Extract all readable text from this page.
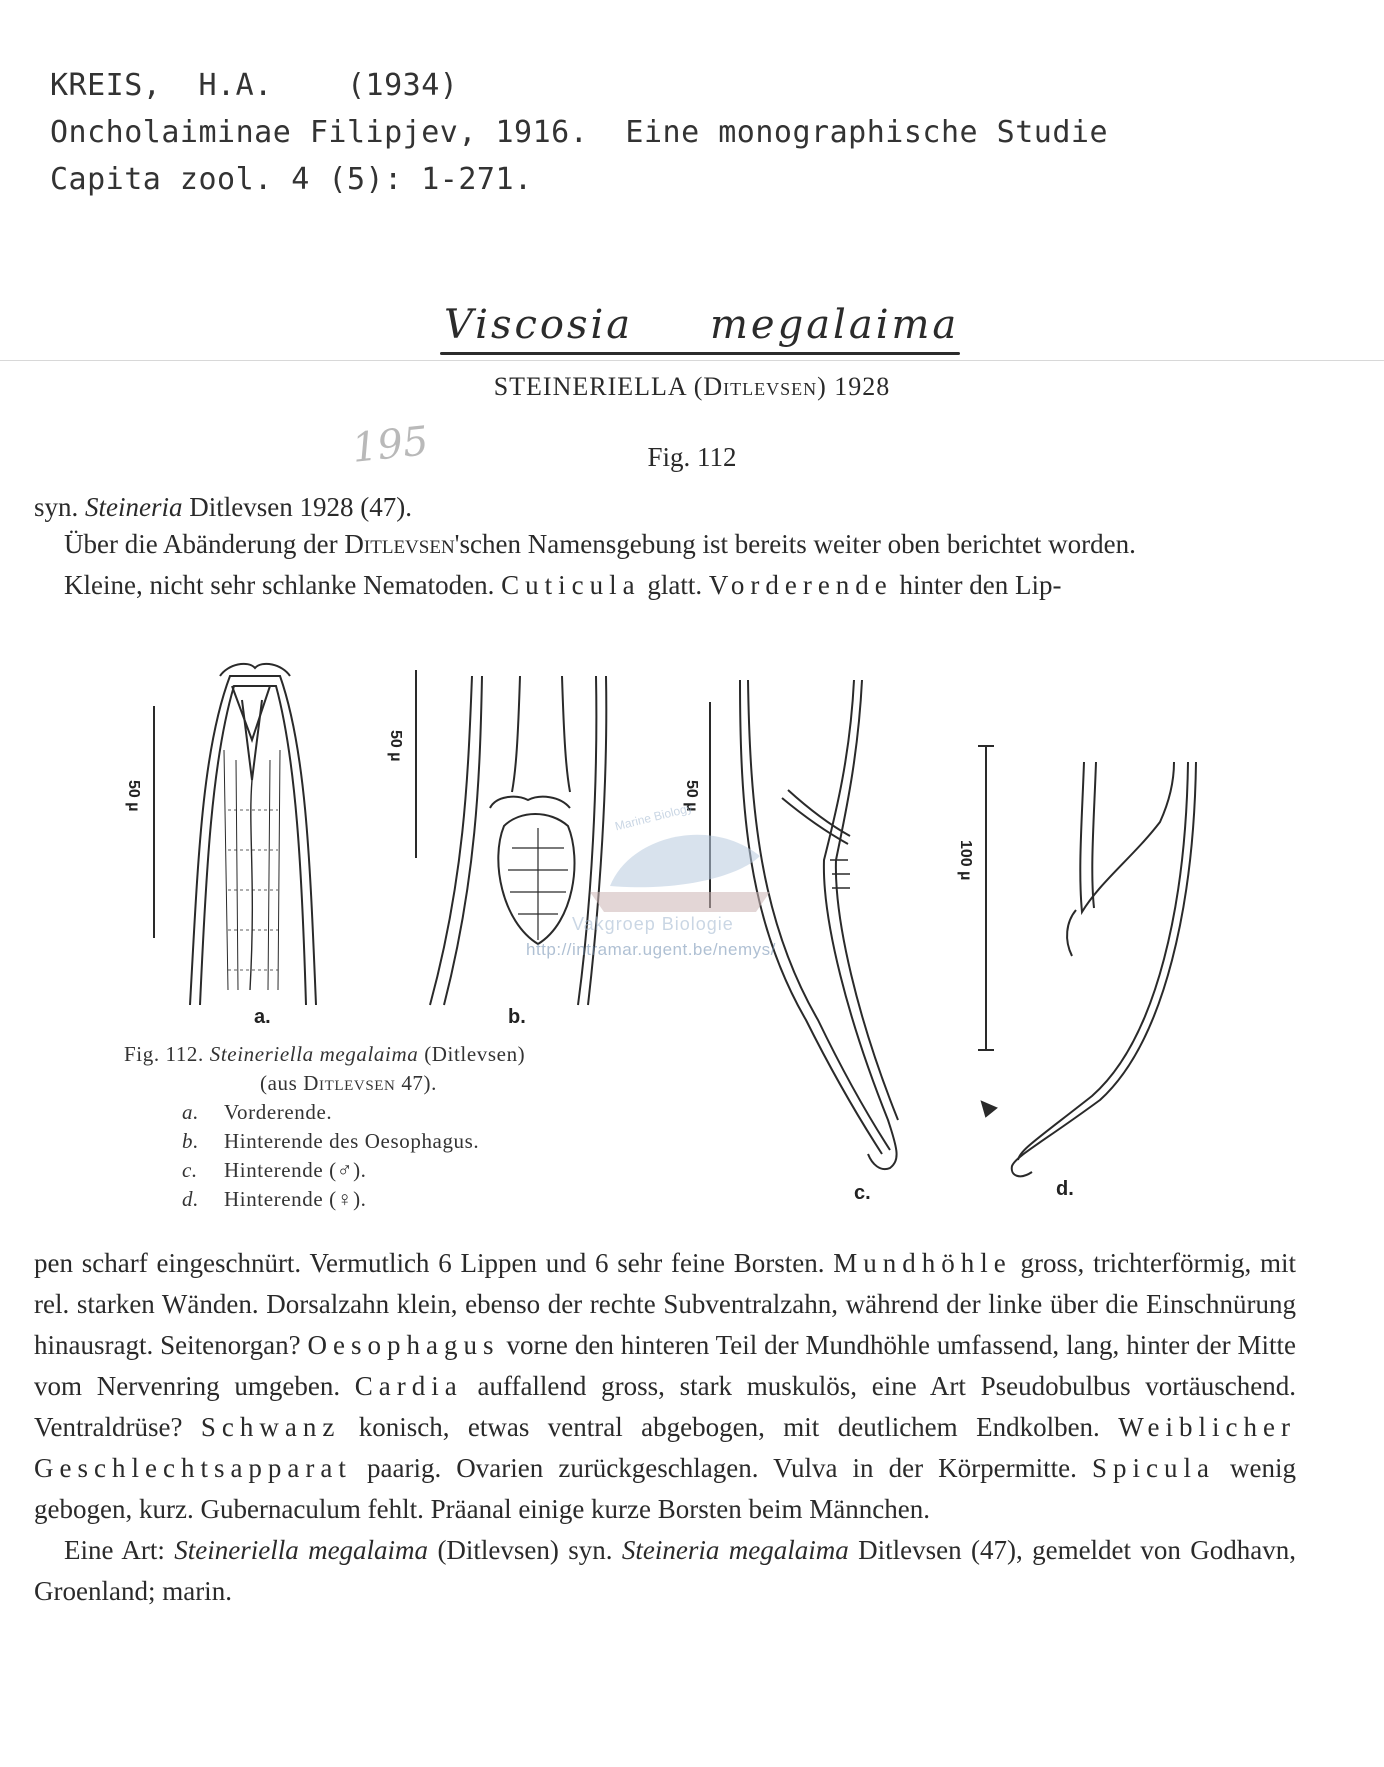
KREIS,  H.A.    (1934)
Oncholaiminae Filipjev, 1916.  Eine monographische Studie
Capita zool. 4 (5): 1-271.
Viscosia megalaima
STEINERIELLA (Ditlevsen) 1928
195	Fig. 112

syn. Steineria Ditlevsen 1928 (47).

Über die Abänderung der Ditlevsen'schen Namensgebung ist bereits weiter oben berichtet worden.

Kleine, nicht sehr schlanke Nematoden. Cuticula glatt. Vorderende hinter den Lip-

a.	b.
c.	d.
50 µ
50 µ
50 µ
100 µ
Marine Biology
Vakgroep Biologie
http://intramar.ugent.be/nemys/
Fig. 112. Steineriella megalaima (Ditlevsen)
(aus Ditlevsen 47).
a. Vorderende.
b. Hinterende des Oesophagus.
c. Hinterende (♂).
d. Hinterende (♀).

pen scharf eingeschnürt. Vermutlich 6 Lippen und 6 sehr feine Borsten. Mundhöhle gross, trichterförmig, mit rel. starken Wänden. Dorsalzahn klein, ebenso der rechte Subventralzahn, während der linke über die Einschnürung hinausragt. Seitenorgan? Oesophagus vorne den hinteren Teil der Mundhöhle umfassend, lang, hinter der Mitte vom Nervenring umgeben. Cardia auffallend gross, stark muskulös, eine Art Pseudobulbus vortäuschend. Ventraldrüse? Schwanz konisch, etwas ventral abgebogen, mit deutlichem Endkolben. Weiblicher Geschlechtsapparat paarig. Ovarien zurückgeschlagen. Vulva in der Körpermitte. Spicula wenig gebogen, kurz. Gubernaculum fehlt. Präanal einige kurze Borsten beim Männchen.

Eine Art: Steineriella megalaima (Ditlevsen) syn. Steineria megalaima Ditlevsen (47), gemeldet von Godhavn, Groenland; marin.
